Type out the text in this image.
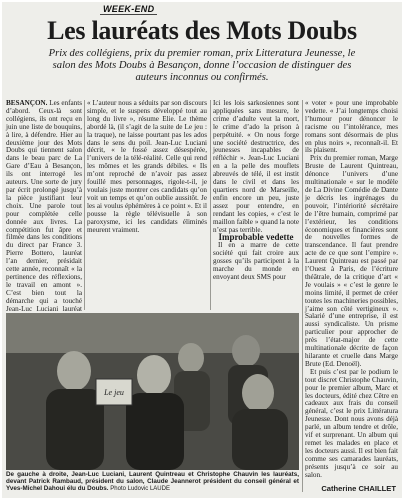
WEEK-END
Les lauréats des Mots Doubs

Prix des collégiens, prix du premier roman, prix Litteratura Jeunesse, le salon des Mots Doubs à Besançon, donne l’occasion de distinguer des auteurs inconnus ou confirmés.

BESANÇON. Les enfants d’abord. Ceux-là sont collégiens, ils ont reçu en juin une liste de bouquins, à lire, à défendre. Hier au deuxième jour des Mots Doubs qui tiennent salon dans le beau parc de La Gare d’Eau à Besançon, ils ont interrogé les auteurs. Une sorte de jury par écrit prolongé jusqu’à la pièce justifiant leur choix. Une parole tout pour complétée celle donnée aux livres. La compétition fut âpre et filmée dans les conditions du direct par France 3. Pierre Bottero, lauréat l’an dernier, présidait cette année, reconnaît « la pertinence des réflexions, le travail en amont ». C’est bien tout la démarche qui a touché Jean-Luc Luciani lauréat

« L’auteur nous a séduits par son discours simple, et le suspens développé tout au long du livre », résume Elie. Le thème abordé là, (il s’agit de la suite de Le jeu : la traque), ne laisse pourtant pas les ados dans le sens du poil. Jean-Luc Luciani décrit, « le fossé assez désespérée, l’univers de la télé-réalité. Celle qui rend les mômes et les grands débiles. « Ils m’ont reproché de n’avoir pas assez fouillé mes personnages, rigole-t-il, je voulais juste montrer ces candidats qu’on voit un temps et qu’on oublie aussitôt. Je les ai voulus éphémères à ce point ». Et il pousse la règle télévisuelle à son paroxysme, ici les candidats éliminés meurent vraiment.

Ici les lois sarkosiennes sont appliquées sans mesure, le crime d’adulte veut la mort, le crime d’ado la prison à perpétuité. « On nous forge une société destructrice, des jeunesses incapables de réfléchir ». Jean-Luc Luciani en a la pelle des mouflets abreuvés de télé, il est instit dans le civil et dans les quartiers nord de Marseille, enfin encore un peu, juste assez pour entendre, en rendant les copies, « c’est le maillon faible » quand la note n’est pas terrible.

Improbable vedette

Il en a marre de cette société qui fait croire aux gosses qu’ils participent à la marche du monde en envoyant deux SMS pour

« voter » pour une improbable vedette. « J’ai longtemps choisi l’humour pour dénoncer le racisme ou l’intolérance, mes romans sont désormais de plus en plus noirs », reconnaît-il. Et ils plaisent.

Prix du premier roman, Marge Bruste de Laurent Quintreau, dénonce l’univers d’une multinationale « sur le modèle de La Divine Comédie de Dante je décris les ingrénages du pouvoir, l’intériorité sécrétaire de l’être humain, comprimé par l’extérieur, les conditions économiques et financières sont de nouvelles formes de transcendance. Il faut prendre acte de ce que sont l’empire ». Laurent Quintreau est passé par l’Ouest à Paris, de l’écriture théâtrale, de la critique d’art « Je voulais » « c’est le genre le moins limité, il permet de créer toutes les machineries possibles, j’aime son côté vertigineux ». Salarié d’une entreprise, il est aussi syndicaliste. Un prisme particulier pour approcher de près l’état-major de cette multinationale décrite de façon hilarante et cruelle dans Marge Brute (Ed. Denoël).

Et puis c’est par le podium le tout discret Christophe Chauvin, pour le premier album, Marc et les docteurs, édité chez Cêtre en cadeaux aux frais du conseil général, c’est le prix Littératura Jeunesse. Dont nous avons déjà parlé, un album tendre et drôle, vif et surprenant. Un album qui remet les malades en place et les docteurs aussi. Il est bien fait comme ses camarades lauréats, présents jusqu’à ce soir au salon.

Le jeu
De gauche à droite, Jean-Luc Luciani, Laurent Quintreau et Christophe Chauvin les lauréats, devant Patrick Rambaud, président du salon, Claude Jeannerot président du conseil général et Yves-Michel Dahoui élu du Doubs. Photo Ludovic LAUDE	Catherine CHAILLET
